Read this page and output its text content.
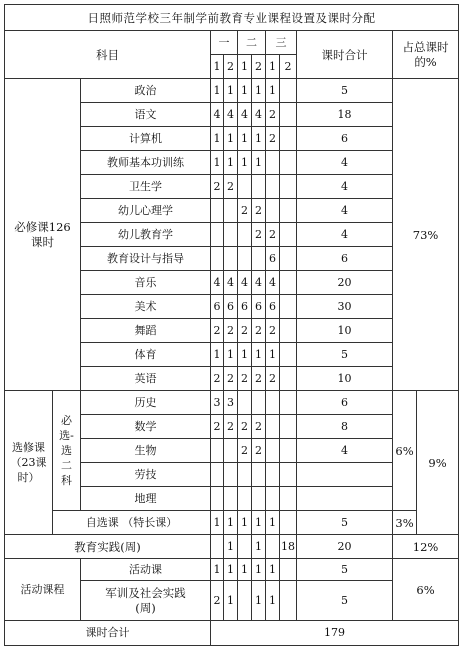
日照师范学校三年制学前教育专业课程设置及课时分配
科目	一	二	三	课时合计	占总课时的%
1	2	1	2	1	2
必修课126课时	政治	1	1	1	1	1		5	73%
语文	4	4	4	4	2		18
计算机	1	1	1	1	2		6
教师基本功训练	1	1	1	1			4
卫生学	2	2					4
幼儿心理学			2	2			4
幼儿教育学				2	2		4
教育设计与指导					6		6
音乐	4	4	4	4	4		20
美术	6	6	6	6	6		30
舞蹈	2	2	2	2	2		10
体育	1	1	1	1	1		5
英语	2	2	2	2	2		10
选修课（23课时）	必选-选二科	历史	3	3					6	6%	9%
数学	2	2	2	2			8
生物			2	2			4
劳技							
地理							
自选课 （特长课）	1	1	1	1	1		5	3%
教育实践(周)		1		1		18	20	12%
活动课程	活动课	1	1	1	1	1		5	6%
军训及社会实践(周)	2	1		1	1		5
课时合计	179
